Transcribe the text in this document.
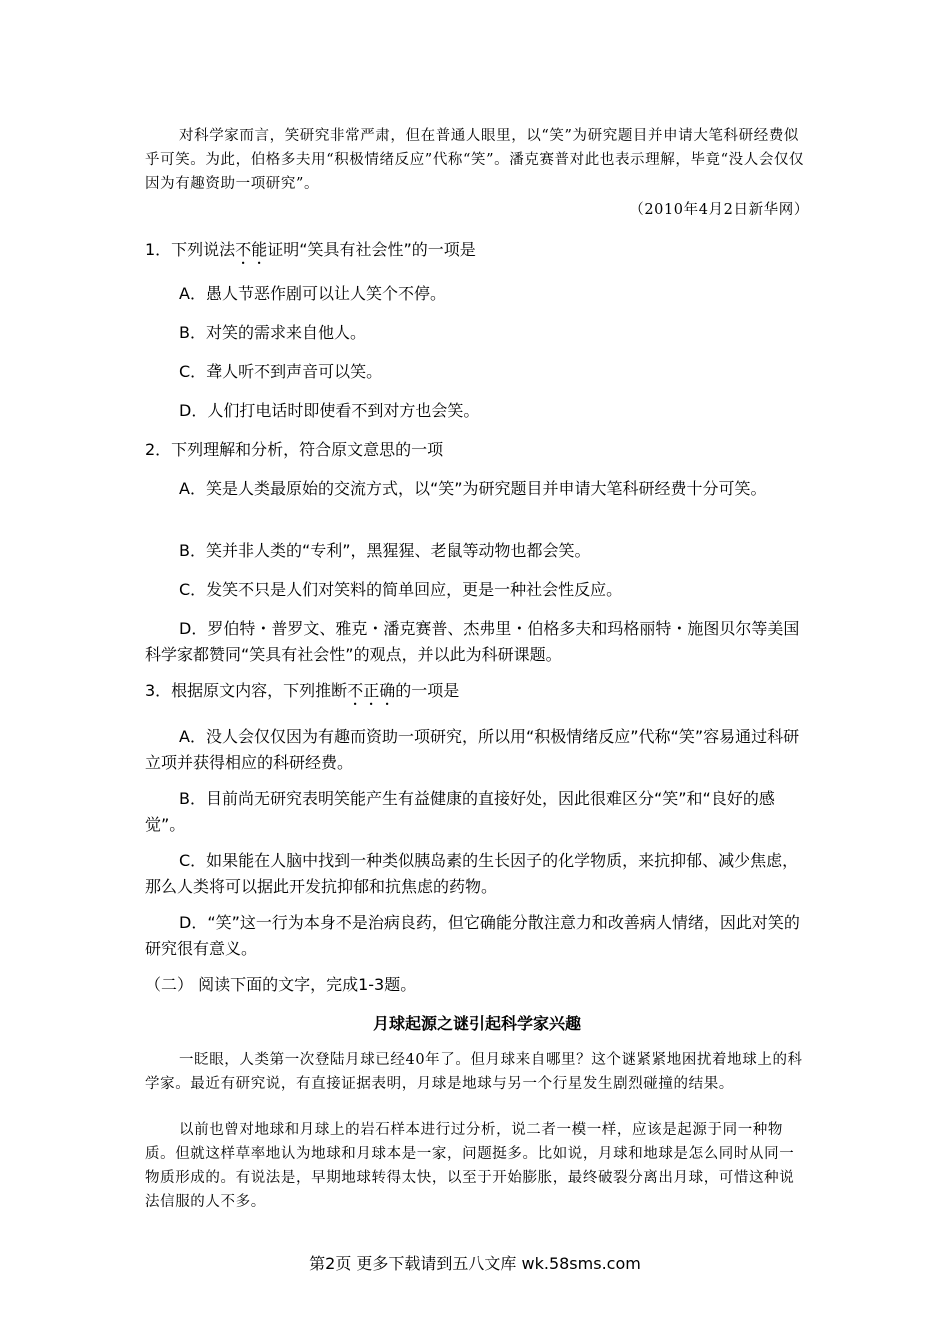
对科学家而言，笑研究非常严肃，但在普通人眼里，以“笑”为研究题目并申请大笔科研经费似乎可笑。为此，伯格多夫用“积极情绪反应”代称“笑”。潘克赛普对此也表示理解，毕竟“没人会仅仅因为有趣资助一项研究”。

（2010年4月2日新华网）

1．下列说法不能证明“笑具有社会性”的一项是

A．愚人节恶作剧可以让人笑个不停。

B．对笑的需求来自他人。

C．聋人听不到声音可以笑。

D．人们打电话时即使看不到对方也会笑。

2．下列理解和分析，符合原文意思的一项

A．笑是人类最原始的交流方式，以“笑”为研究题目并申请大笔科研经费十分可笑。

B．笑并非人类的“专利”，黑猩猩、老鼠等动物也都会笑。

C．发笑不只是人们对笑料的简单回应，更是一种社会性反应。

D．罗伯特・普罗文、雅克・潘克赛普、杰弗里・伯格多夫和玛格丽特・施图贝尔等美国科学家都赞同“笑具有社会性”的观点，并以此为科研课题。

3．根据原文内容，下列推断不正确的一项是

A．没人会仅仅因为有趣而资助一项研究，所以用“积极情绪反应”代称“笑”容易通过科研立项并获得相应的科研经费。

B．目前尚无研究表明笑能产生有益健康的直接好处，因此很难区分“笑”和“良好的感觉”。

C．如果能在人脑中找到一种类似胰岛素的生长因子的化学物质，来抗抑郁、减少焦虑，那么人类将可以据此开发抗抑郁和抗焦虑的药物。

D．“笑”这一行为本身不是治病良药，但它确能分散注意力和改善病人情绪，因此对笑的研究很有意义。

（二） 阅读下面的文字，完成1-3题。

月球起源之谜引起科学家兴趣

一眨眼，人类第一次登陆月球已经40年了。但月球来自哪里？这个谜紧紧地困扰着地球上的科学家。最近有研究说，有直接证据表明，月球是地球与另一个行星发生剧烈碰撞的结果。

以前也曾对地球和月球上的岩石样本进行过分析，说二者一模一样，应该是起源于同一种物质。但就这样草率地认为地球和月球本是一家，问题挺多。比如说，月球和地球是怎么同时从同一物质形成的。有说法是，早期地球转得太快，以至于开始膨胀，最终破裂分离出月球，可惜这种说法信服的人不多。

第2页 更多下载请到五八文库 wk.58sms.com
